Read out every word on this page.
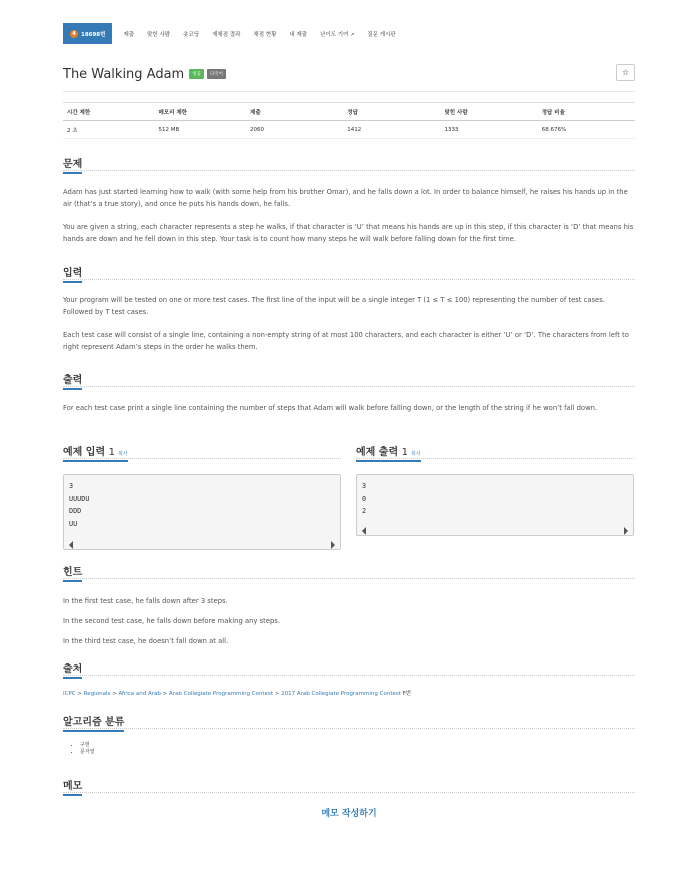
4 18698번	제출 맞힌 사람 숏코딩 재채점 결과 채점 현황 내 제출 난이도 기여 ↗ 질문 게시판
The Walking Adam	성공	다국어	☆
시간 제한	메모리 제한	제출	정답	맞힌 사람	정답 비율
2 초	512 MB	2060	1412	1333	68.676%
문제

Adam has just started learning how to walk (with some help from his brother Omar), and he falls down a lot. In order to balance himself, he raises his hands up in the air (that’s a true story), and once he puts his hands down, he falls.

You are given a string, each character represents a step he walks, if that character is ‘U’ that means his hands are up in this step, if this character is ‘D’ that means his hands are down and he fell down in this step. Your task is to count how many steps he will walk before falling down for the first time.

입력

Your program will be tested on one or more test cases. The first line of the input will be a single integer T (1 ≤ T ≤ 100) representing the number of test cases. Followed by T test cases.

Each test case will consist of a single line, containing a non-empty string of at most 100 characters, and each character is either ‘U’ or ‘D’. The characters from left to right represent Adam’s steps in the order he walks them.

출력

For each test case print a single line containing the number of steps that Adam will walk before falling down, or the length of the string if he won’t fall down.

예제 입력 1 복사
3
UUUDU
DDD
UU
예제 출력 1 복사
3
0
2
힌트

In the first test case, he falls down after 3 steps.

In the second test case, he falls down before making any steps.

In the third test case, he doesn’t fall down at all.

출처
ICPC > Regionals > Africa and Arab > Arab Collegiate Programming Contest > 2017 Arab Collegiate Programming Contest F번
알고리즘 분류
• 구현
• 문자열
메모
메모 작성하기
